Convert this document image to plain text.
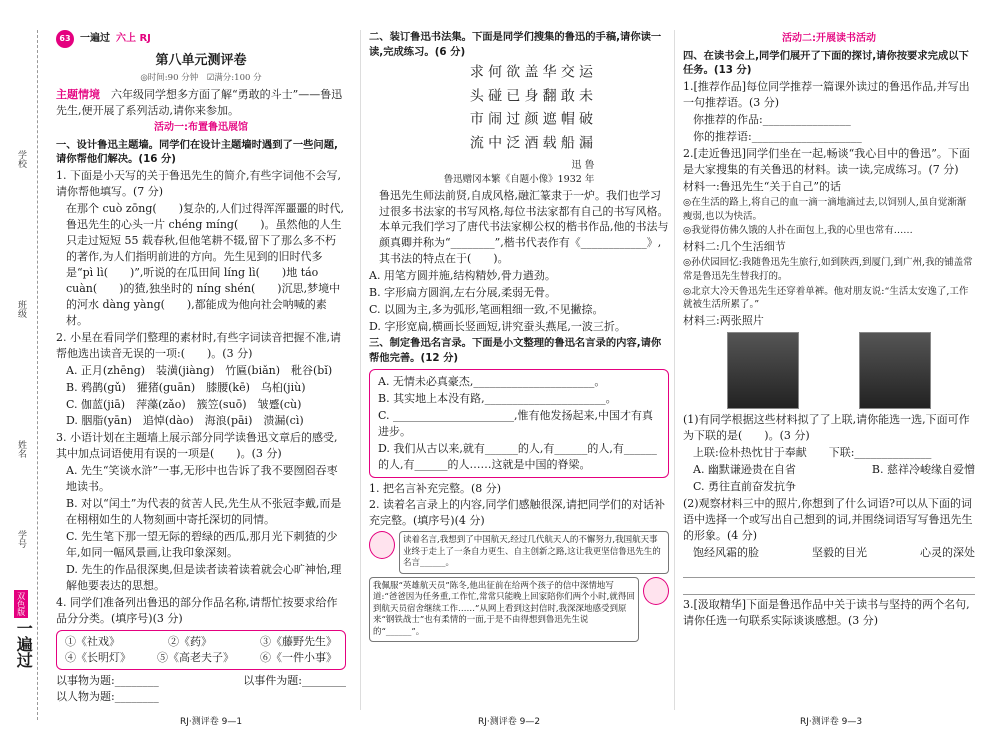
学校
班级
姓名
学号
双色版
一遍过
63 一遍过 六上 RJ
第八单元测评卷
◎时间:90 分钟　☑满分:100 分

主题情境　 六年级同学想多方面了解“勇敢的斗士”——鲁迅先生,便开展了系列活动,请你来参加。

活动一:布置鲁迅展馆
一、设计鲁迅主题墙。同学们在设计主题墙时遇到了一些问题,请你帮他们解决。(16 分)

1. 下面是小天写的关于鲁迅先生的简介,有些字词他不会写,请你帮他填写。(7 分)

在那个 cuò zōng(　　)复杂的,人们过得浑浑噩噩的时代,鲁迅先生的心头一片 chéng míng(　　)。虽然他的人生只走过短短 55 载春秋,但他笔耕不辍,留下了那么多不朽的著作,为人们指明前进的方向。先生见到的旧时代多是“pì lì(　　)”,听说的在瓜田间 líng lì(　　)地 táo cuàn(　　)的猹,独坐时的 níng shén(　　)沉思,梦境中的河水 dàng yàng(　　),都能成为他向社会呐喊的素材。

2. 小星在看同学们整理的素材时,有些字词读音把握不准,请帮他选出读音无误的一项:(　　)。(3 分)

A. 正月(zhēng)　装潢(jiàng)　竹匾(biǎn)　秕谷(bǐ)

B. 鸦鹊(gǔ)　獾猪(guān)　膝腰(kē)　乌桕(jiù)

C. 伽蓝(jiā)　萍藻(zǎo)　簇笠(suō)　皱蹙(cù)

D. 胭脂(yān)　追悼(dào)　海浪(pāi)　溃漏(cì)

3. 小语计划在主题墙上展示部分同学读鲁迅文章后的感受,其中加点词语使用有误的一项是(　　)。(3 分)

A. 先生“笑谈水浒”一事,无形中也告诉了我不要囫囵吞枣地读书。

B. 对以“闰土”为代表的贫苦人民,先生从不张冠李戴,而是在栩栩如生的人物刻画中寄托深切的同情。

C. 先生笔下那一望无际的碧绿的西瓜,那月光下刺猹的少年,如同一幅风景画,让我印象深刻。

D. 先生的作品很深奥,但是读者读着读着就会心旷神怡,理解他要表达的思想。

4. 同学们准备列出鲁迅的部分作品名称,请帮忙按要求给作品分分类。(填序号)(3 分)

①《社戏》	②《药》	③《藤野先生》
④《长明灯》 ⑤《高老夫子》 ⑥《一件小事》
以事物为题:________	以事件为题:________

以人物为题:________

RJ·测评卷 9—1
二、装订鲁迅书法集。下面是同学们搜集的鲁迅的手稿,请你读一读,完成练习。(6 分)
运交华盖欲何求
未敢翻身已碰头
破帽遮颜过闹市
漏船载酒泛中流
鲁迅
鲁迅赠冈本繁《自题小像》1932 年

鲁迅先生师法前贤,自成风格,融汇篆隶于一炉。我们也学习过很多书法家的书写风格,每位书法家都有自己的书写风格。本单元我们学习了唐代书法家柳公权的楷书作品,他的书法与颜真卿并称为“________”,楷书代表作有《____________》,其书法的特点在于(　　)。

A. 用笔方圆并施,结构精妙,骨力遒劲。

B. 字形扁方圆润,左右分展,柔弱无骨。

C. 以圆为主,多为弧形,笔画粗细一致,不见撇捺。

D. 字形宽扁,横画长竖画短,讲究蚕头燕尾,一波三折。

三、制定鲁迅名言录。下面是小文整理的鲁迅名言录的内容,请你帮他完善。(12 分)

A. 无情未必真豪杰,______________________。

B. 其实地上本没有路,______________________。

C. ______________________,惟有他发扬起来,中国才有真进步。

D. 我们从古以来,就有______的人,有______的人,有______的人,有______的人……这就是中国的脊梁。

1. 把名言补充完整。(8 分)

2. 读着名言录上的内容,同学们感触很深,请把同学们的对话补充完整。(填序号)(4 分)

读着名言,我想到了中国航天,经过几代航天人的不懈努力,我国航天事业终于走上了一条自力更生、自主创新之路,这让我更坚信鲁迅先生的名言______。
我佩服“英雄航天员”陈冬,他出征前在给两个孩子的信中深情地写道:“爸爸因为任务重,工作忙,常常只能晚上回家陪你们两个小时,就得回到航天员宿舍继续工作……”从网上看到这封信时,我深深地感受到原来“钢铁战士”也有柔情的一面,于是不由得想到鲁迅先生说的“______”。
RJ·测评卷 9—2
活动二:开展读书活动
四、在读书会上,同学们展开了下面的探讨,请你按要求完成以下任务。(13 分)

1.[推荐作品]每位同学推荐一篇课外读过的鲁迅作品,并写出一句推荐语。(3 分)

你推荐的作品:________________

你的推荐语:____________________

2.[走近鲁迅]同学们坐在一起,畅谈“我心目中的鲁迅”。下面是大家搜集的有关鲁迅的材料。读一读,完成练习。(7 分)

材料一:鲁迅先生“关于自己”的话

◎在生活的路上,将自己的血一滴一滴地滴过去,以饲别人,虽自觉渐渐瘦弱,也以为快活。

◎我觉得仿佛久饿的人扑在面包上,我的心里也常有……

材料二:几个生活细节

◎孙伏园回忆:我随鲁迅先生旅行,如到陕西,到厦门,到广州,我的铺盖常常是鲁迅先生替我打的。

◎北京大冷天鲁迅先生还穿着单裤。他对朋友说:“生活太安逸了,工作就被生活所累了。”

材料三:两张照片

(1)有同学根据这些材料拟了了上联,请你能选一选,下面可作为下联的是(　　)。(3 分)

上联:俭朴热忱甘于奉献　　下联:______________

A. 幽默谦逊贵在自省	B. 慈祥冷峻缘自爱憎

C. 勇往直前奋发抗争

(2)观察材料三中的照片,你想到了什么词语?可以从下面的词语中选择一个或写出自己想到的词,并围绕词语写写鲁迅先生的形象。(4 分)

饱经风霜的脸	坚毅的目光	心灵的深处

3.[汲取精华]下面是鲁迅作品中关于读书与坚持的两个名句,请你任选一句联系实际谈谈感想。(3 分)

RJ·测评卷 9—3
